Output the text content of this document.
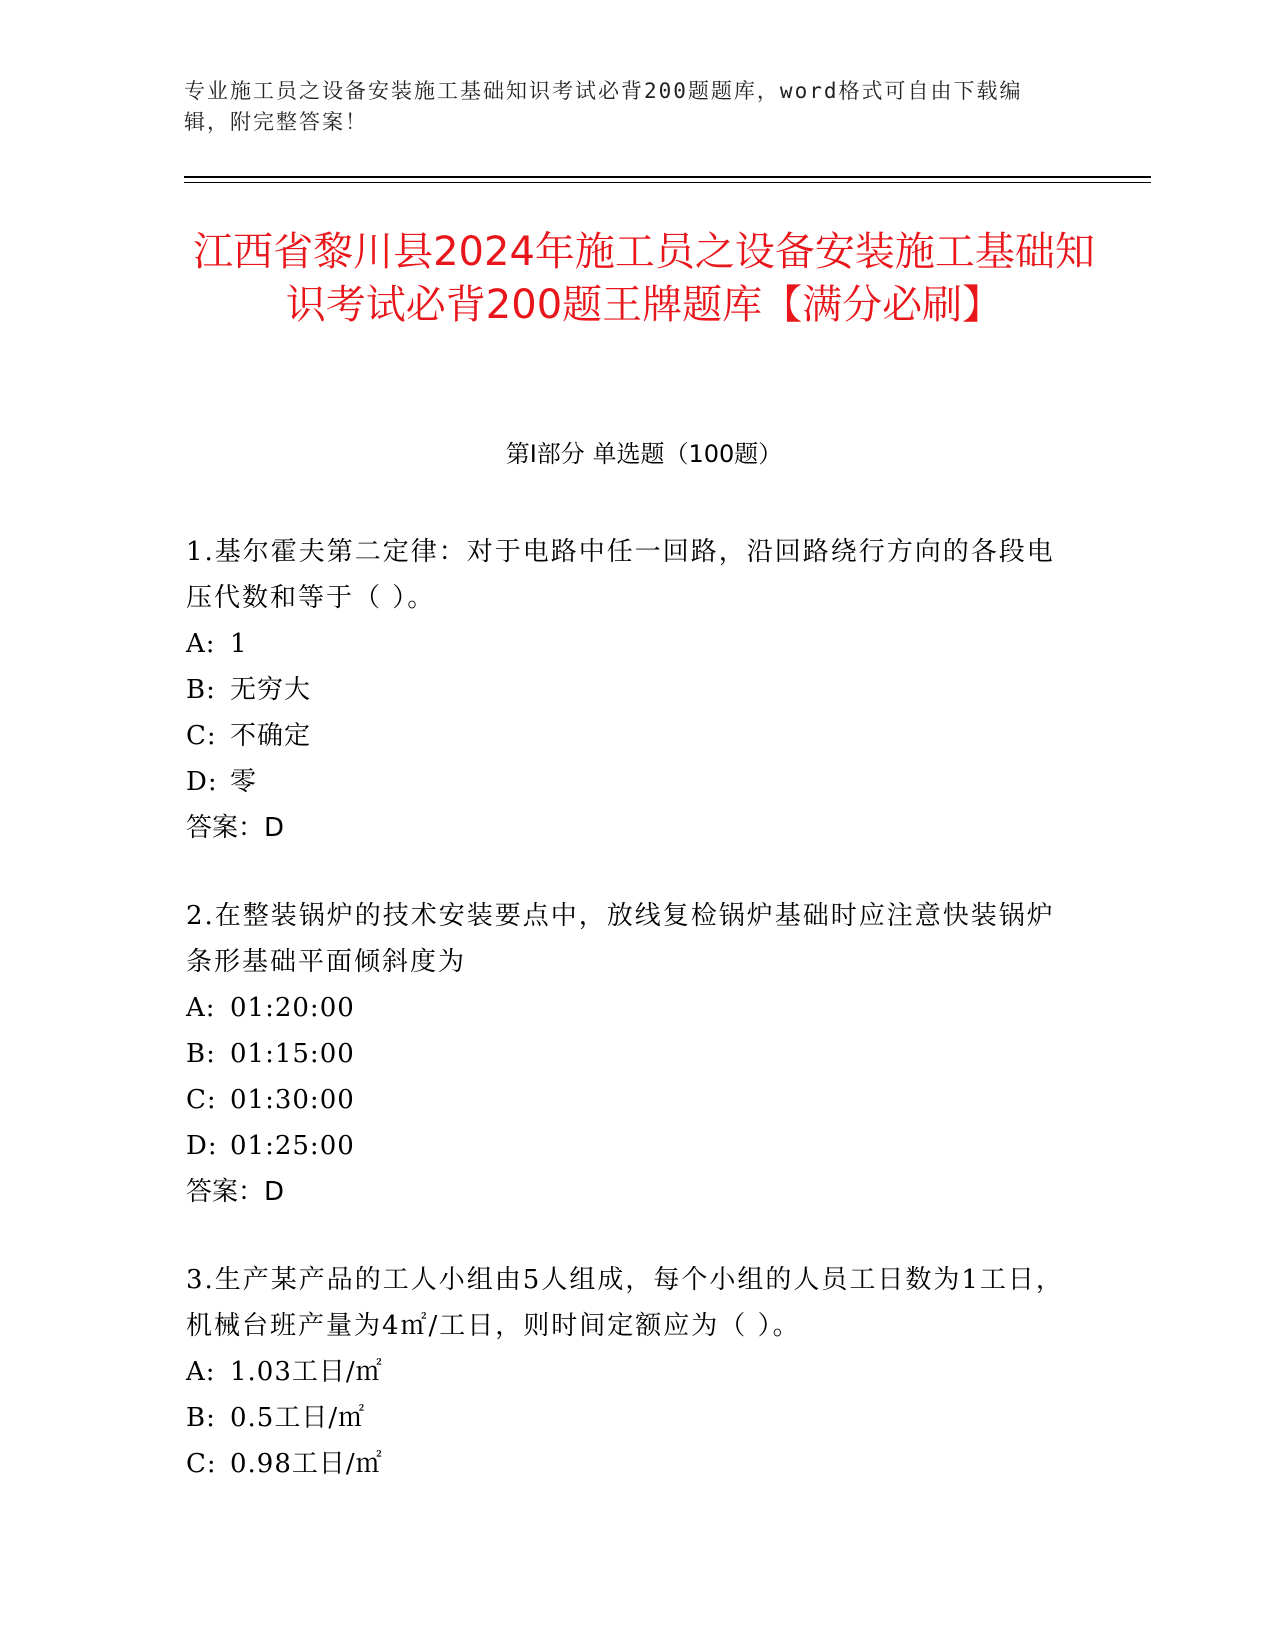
专业施工员之设备安装施工基础知识考试必背200题题库，word格式可自由下载编辑，附完整答案！

江西省黎川县2024年施工员之设备安装施工基础知识考试必背200题王牌题库【满分必刷】
第Ⅰ部分 单选题（100题）

1.基尔霍夫第二定律：对于电路中任一回路，沿回路绕行方向的各段电压代数和等于（ ）。

A: 1

B: 无穷大

C: 不确定

D: 零

答案：D

2.在整装锅炉的技术安装要点中，放线复检锅炉基础时应注意快装锅炉条形基础平面倾斜度为

A: 01:20:00

B: 01:15:00

C: 01:30:00

D: 01:25:00

答案：D

3.生产某产品的工人小组由5人组成，每个小组的人员工日数为1工日，机械台班产量为4㎡/工日，则时间定额应为（ ）。

A: 1.03工日/㎡

B: 0.5工日/㎡

C: 0.98工日/㎡
